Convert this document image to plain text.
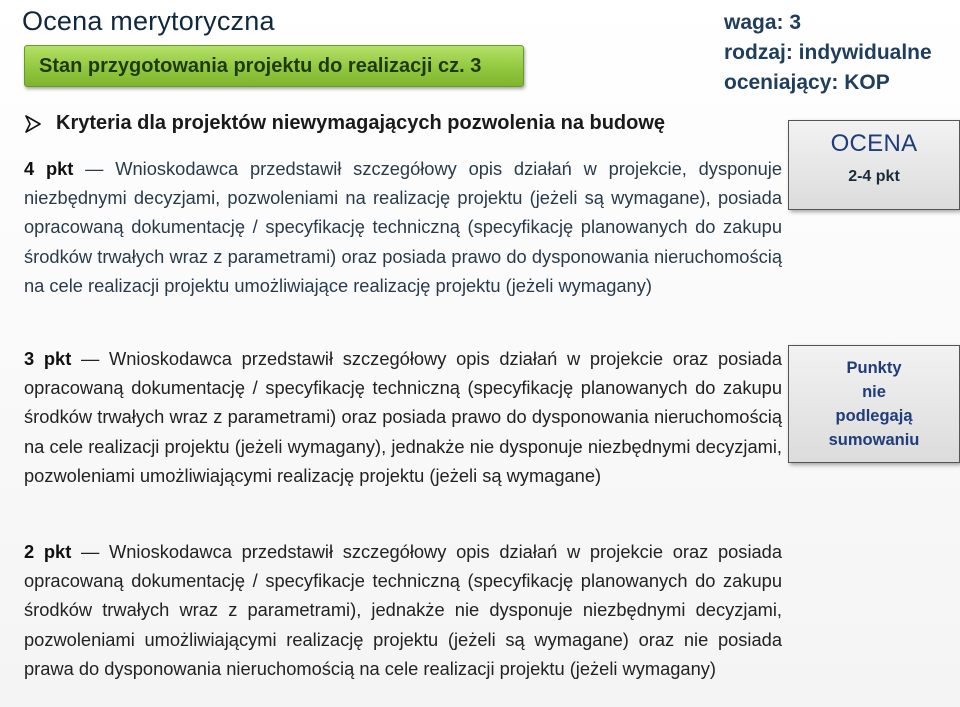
Ocena merytoryczna
Stan przygotowania projektu do realizacji cz. 3
waga: 3
rodzaj: indywidualne
oceniający: KOP
Kryteria dla projektów niewymagających pozwolenia na budowę
4 pkt ― Wnioskodawca przedstawił szczegółowy opis działań w projekcie, dysponuje niezbędnymi decyzjami, pozwoleniami na realizację projektu (jeżeli są wymagane), posiada opracowaną dokumentację / specyfikację techniczną (specyfikację planowanych do zakupu środków trwałych wraz z parametrami) oraz posiada prawo do dysponowania nieruchomością na cele realizacji projektu umożliwiające realizację projektu (jeżeli wymagany)
3 pkt ― Wnioskodawca przedstawił szczegółowy opis działań w projekcie oraz posiada opracowaną dokumentację / specyfikację techniczną (specyfikację planowanych do zakupu środków trwałych wraz z parametrami) oraz posiada prawo do dysponowania nieruchomością na cele realizacji projektu (jeżeli wymagany), jednakże nie dysponuje niezbędnymi decyzjami, pozwoleniami umożliwiającymi realizację projektu (jeżeli są wymagane)
2 pkt ― Wnioskodawca przedstawił szczegółowy opis działań w projekcie oraz posiada opracowaną dokumentację / specyfikacje techniczną (specyfikację planowanych do zakupu środków trwałych wraz z parametrami), jednakże nie dysponuje niezbędnymi decyzjami, pozwoleniami umożliwiającymi realizację projektu (jeżeli są wymagane) oraz nie posiada prawa do dysponowania nieruchomością na cele realizacji projektu (jeżeli wymagany)
OCENA
2-4 pkt
Punkty
nie
podlegają
sumowaniu
